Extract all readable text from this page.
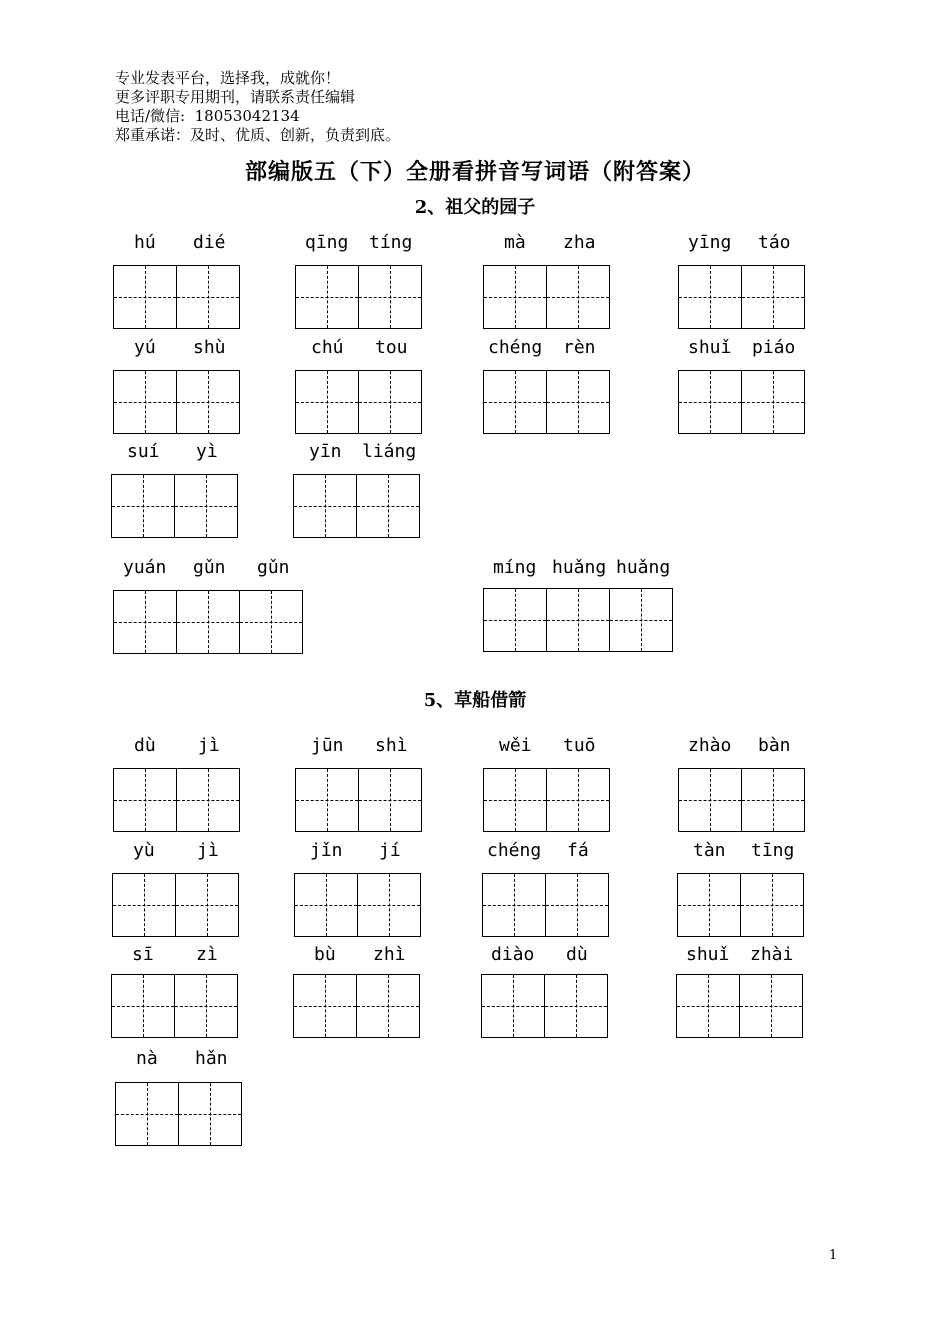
专业发表平台，选择我，成就你！
更多评职专用期刊，请联系责任编辑
电话/微信:  18053042134
郑重承诺：及时、优质、创新，负责到底。
部编版五（下）全册看拼音写词语（附答案）
2、祖父的园子
5、草船借箭
hú dié	qīng tíng	mà zha	yīng táo
yú shù	chú tou	chéng rèn	shuǐ piáo
suí yì	yīn liáng
yuán gǔn gǔn	míng huǎng huǎng
dù jì	jūn shì	wěi tuō	zhào bàn
yù jì	jǐn jí	chéng fá	tàn tīng
sī zì	bù zhì	diào dù	shuǐ zhài
nà hǎn
1
